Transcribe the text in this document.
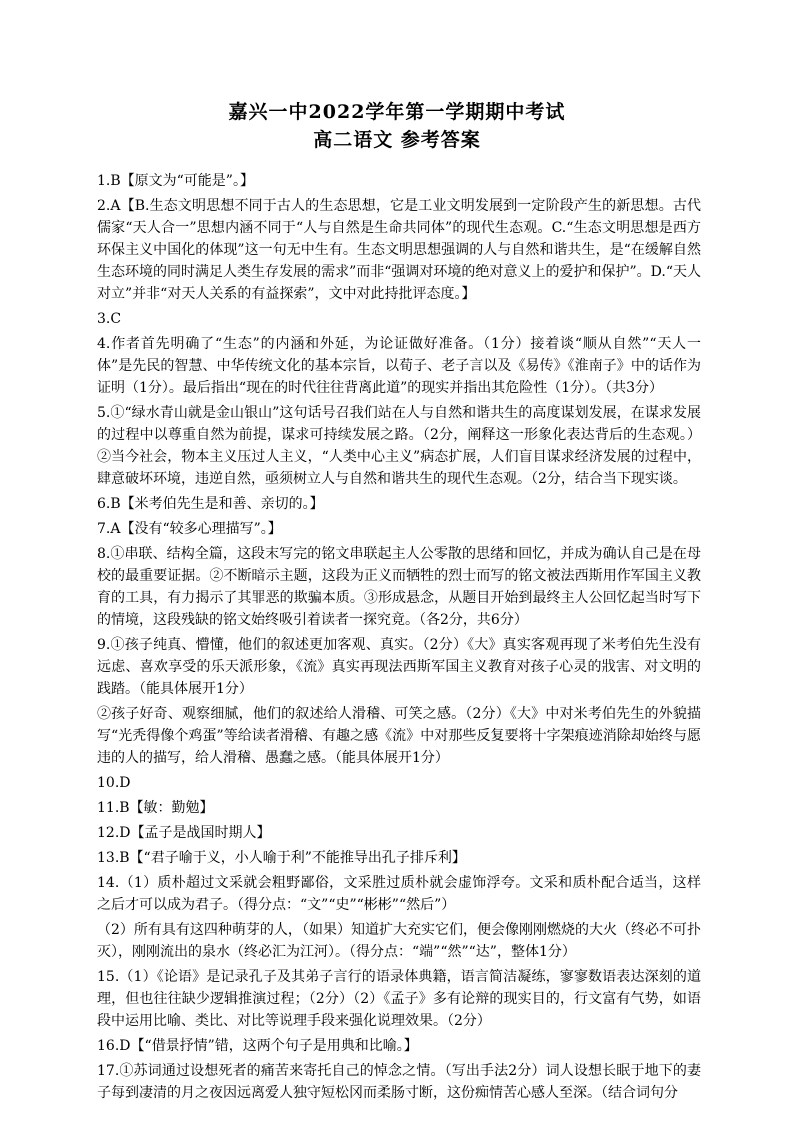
嘉兴一中2022学年第一学期期中考试
高二语文 参考答案

1.B【原文为“可能是”。】

2.A【B.生态文明思想不同于古人的生态思想，它是工业文明发展到一定阶段产生的新思想。古代儒家“天人合一”思想内涵不同于“人与自然是生命共同体”的现代生态观。C.“生态文明思想是西方环保主义中国化的体现”这一句无中生有。生态文明思想强调的人与自然和谐共生，是“在缓解自然生态环境的同时满足人类生存发展的需求”而非“强调对环境的绝对意义上的爱护和保护”。D.“天人对立”并非“对天人关系的有益探索”，文中对此持批评态度。】

3.C

4.作者首先明确了“生态”的内涵和外延，为论证做好准备。（1分）接着谈“顺从自然”“天人一体”是先民的智慧、中华传统文化的基本宗旨，以荀子、老子言以及《易传》《淮南子》中的话作为证明（1分）。最后指出“现在的时代往往背离此道”的现实并指出其危险性（1分）。（共3分）

5.①“绿水青山就是金山银山”这句话号召我们站在人与自然和谐共生的高度谋划发展，在谋求发展的过程中以尊重自然为前提，谋求可持续发展之路。（2分，阐释这一形象化表达背后的生态观。）②当今社会，物本主义压过人主义，“人类中心主义”病态扩展，人们盲目谋求经济发展的过程中，肆意破坏环境，违逆自然，亟须树立人与自然和谐共生的现代生态观。（2分，结合当下现实谈。

6.B【米考伯先生是和善、亲切的。】

7.A【没有“较多心理描写”。】

8.①串联、结构全篇，这段末写完的铭文串联起主人公零散的思绪和回忆，并成为确认自己是在母校的最重要证据。②不断暗示主题，这段为正义而牺牲的烈士而写的铭文被法西斯用作军国主义教育的工具，有力揭示了其罪恶的欺骗本质。③形成悬念，从题目开始到最终主人公回忆起当时写下的情境，这段残缺的铭文始终吸引着读者一探究竟。（各2分，共6分）

9.①孩子纯真、懵懂，他们的叙述更加客观、真实。（2分）《大》真实客观再现了米考伯先生没有远虑、喜欢享受的乐天派形象，《流》真实再现法西斯军国主义教育对孩子心灵的戕害、对文明的践踏。（能具体展开1分）

②孩子好奇、观察细腻，他们的叙述给人滑稽、可笑之感。（2分）《大》中对米考伯先生的外貌描写“光秃得像个鸡蛋”等给读者滑稽、有趣之感《流》中对那些反复要将十字架痕迹消除却始终与愿违的人的描写，给人滑稽、愚蠢之感。（能具体展开1分）

10.D

11.B【敏：勤勉】

12.D【孟子是战国时期人】

13.B【“君子喻于义，小人喻于利”不能推导出孔子排斥利】

14.（1）质朴超过文采就会粗野鄙俗，文采胜过质朴就会虚饰浮夸。文采和质朴配合适当，这样之后才可以成为君子。（得分点：“文”“史”“彬彬”“然后”）

（2）所有具有这四种萌芽的人，（如果）知道扩大充实它们，便会像刚刚燃烧的大火（终必不可扑灭），刚刚流出的泉水（终必汇为江河）。（得分点：“端”“然”“达”，整体1分）

15.（1）《论语》是记录孔子及其弟子言行的语录体典籍，语言简洁凝练，寥寥数语表达深刻的道理，但也往往缺少逻辑推演过程；（2分）（2）《孟子》多有论辩的现实目的，行文富有气势，如语段中运用比喻、类比、对比等说理手段来强化说理效果。（2分）

16.D【“借景抒情”错，这两个句子是用典和比喻。】

17.①苏词通过设想死者的痛苦来寄托自己的悼念之情。（写出手法2分）词人设想长眠于地下的妻子每到凄清的月之夜因远离爱人独守短松冈而柔肠寸断，这份痴情苦心感人至深。（结合词句分
